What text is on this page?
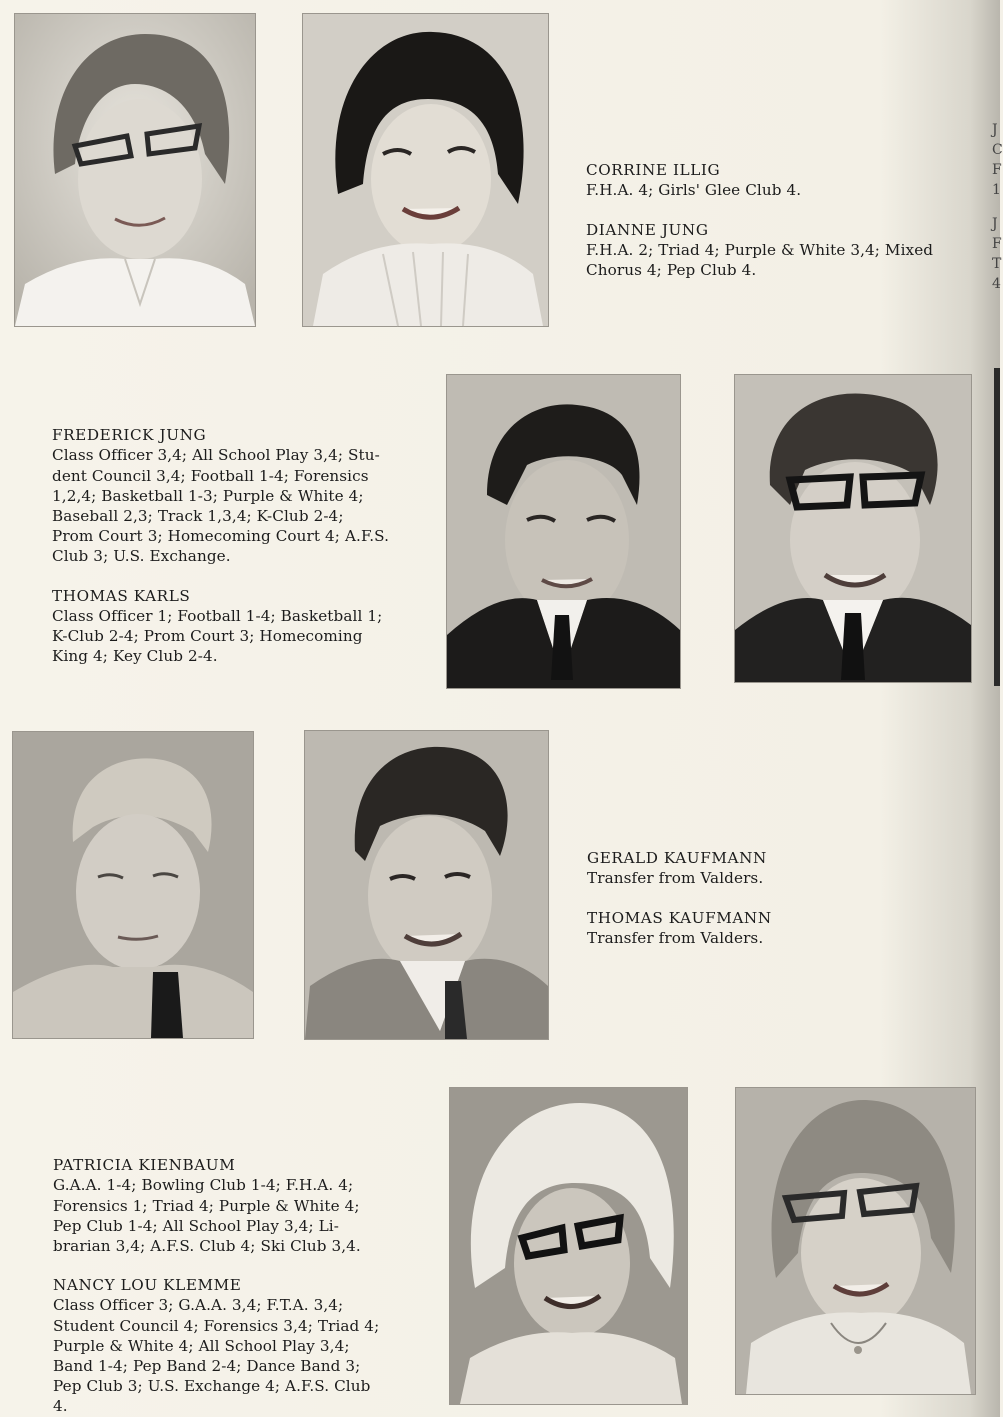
J
C
F
1
J
F
T
4

CORRINE ILLIG
F.H.A. 4; Girls' Glee Club 4.

DIANNE JUNG
F.H.A. 2; Triad 4; Purple & White 3,4; Mixed
Chorus 4; Pep Club 4.

FREDERICK JUNG
Class Officer 3,4; All School Play 3,4; Stu-
dent Council 3,4; Football 1-4; Forensics
1,2,4; Basketball 1-3; Purple & White 4;
Baseball 2,3; Track 1,3,4; K-Club 2-4;
Prom Court 3; Homecoming Court 4; A.F.S.
Club 3; U.S. Exchange.

THOMAS KARLS
Class Officer 1; Football 1-4; Basketball 1;
K-Club 2-4; Prom Court 3; Homecoming
King 4; Key Club 2-4.

GERALD KAUFMANN
Transfer from Valders.

THOMAS KAUFMANN
Transfer from Valders.

PATRICIA KIENBAUM
G.A.A. 1-4; Bowling Club 1-4; F.H.A. 4;
Forensics 1; Triad 4; Purple & White 4;
Pep Club 1-4; All School Play 3,4; Li-
brarian 3,4; A.F.S. Club 4; Ski Club 3,4.

NANCY LOU KLEMME
Class Officer 3; G.A.A. 3,4; F.T.A. 3,4;
Student Council 4; Forensics 3,4; Triad 4;
Purple & White 4; All School Play 3,4;
Band 1-4; Pep Band 2-4; Dance Band 3;
Pep Club 3; U.S. Exchange 4; A.F.S. Club
4.
